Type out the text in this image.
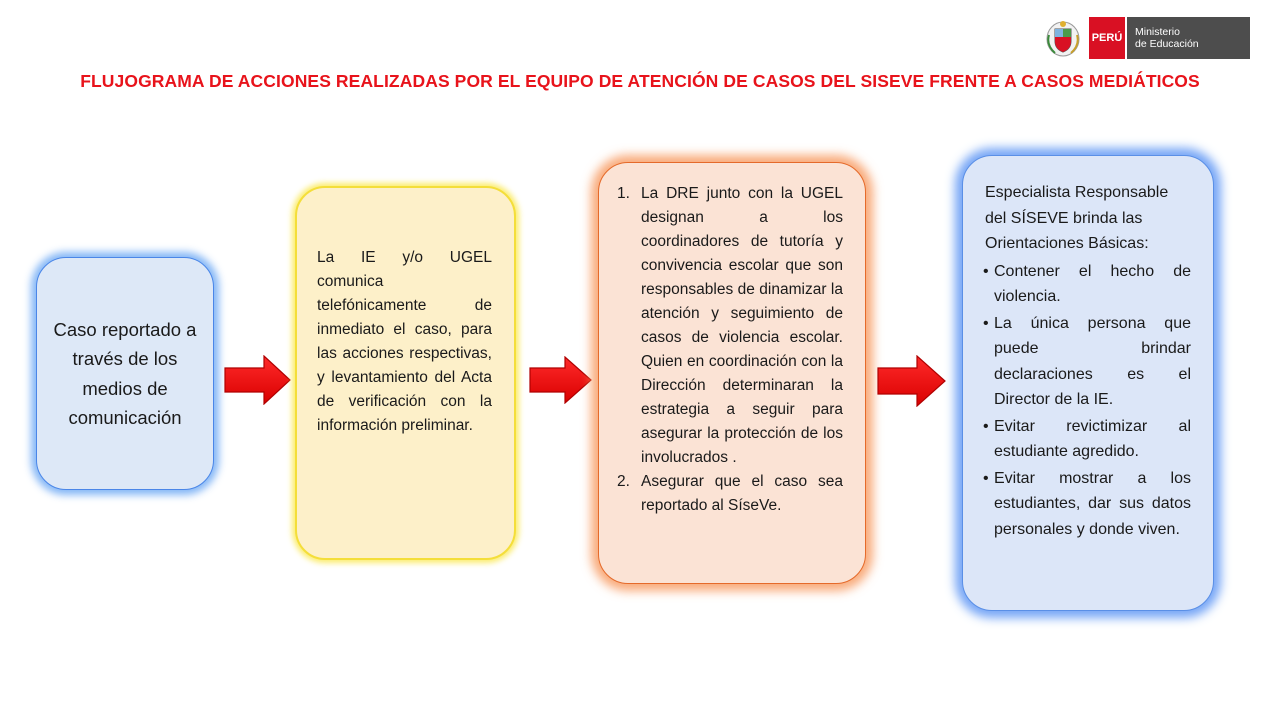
PERÚ Ministerio
de Educación
FLUJOGRAMA DE ACCIONES REALIZADAS POR EL EQUIPO DE ATENCIÓN DE CASOS DEL SISEVE FRENTE A CASOS MEDIÁTICOS
Caso reportado a través de los medios de comunicación
La IE y/o UGEL comunica telefónicamente de inmediato el caso, para las acciones respectivas, y levantamiento del Acta de verificación con la información preliminar.
1. La DRE junto con la UGEL designan a los coordinadores de tutoría y convivencia escolar que son responsables de dinamizar la atención y seguimiento de casos de violencia escolar. Quien en coordinación con la Dirección determinaran la estrategia a seguir para asegurar la protección de los involucrados .
2. Asegurar que el caso sea reportado al SíseVe.
Especialista Responsable del SÍSEVE brinda las Orientaciones Básicas:
• Contener el hecho de violencia.
• La única persona que puede brindar declaraciones es el Director de la IE.
• Evitar revictimizar al estudiante agredido.
• Evitar mostrar a los estudiantes, dar sus datos personales y donde viven.
